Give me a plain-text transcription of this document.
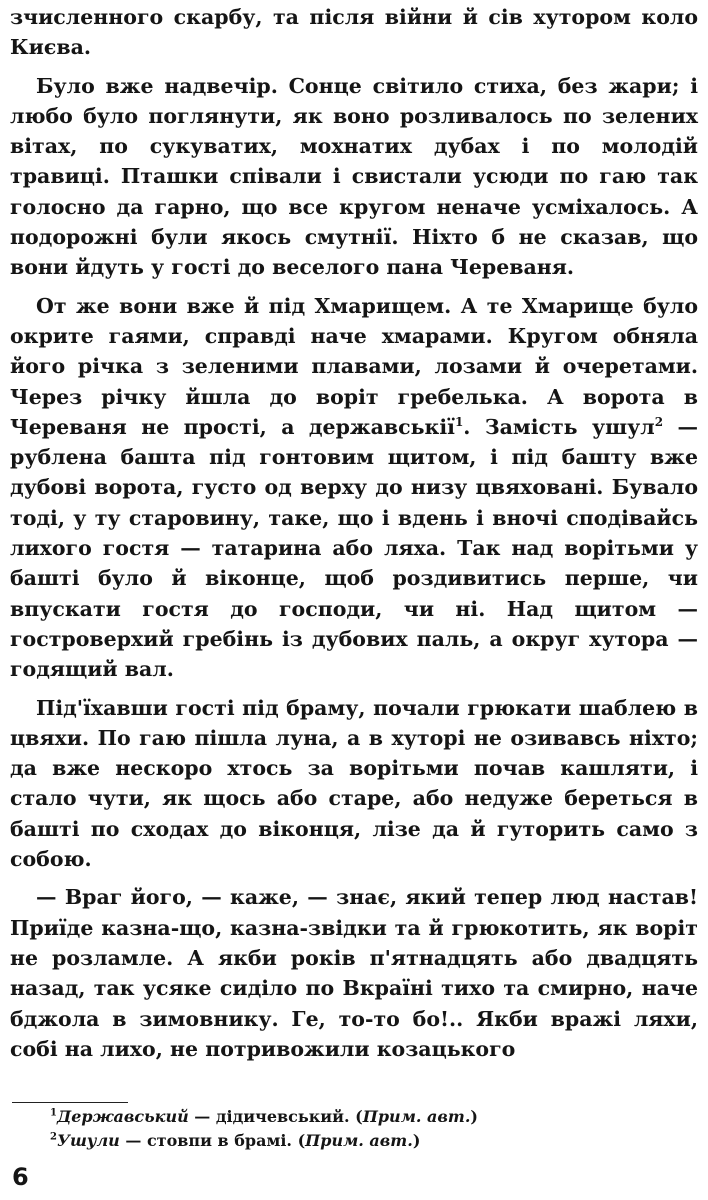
зчисленного скарбу, та після війни й сів хутором коло Києва.

Було вже надвечір. Сонце світило стиха, без жари; і любо було поглянути, як воно розливалось по зелених вітах, по сукуватих, мохнатих дубах і по молодій травиці. Пташки співали і свистали усюди по гаю так голосно да гарно, що все кругом неначе усміхалось. А подорожні були якось смутнії. Ніхто б не сказав, що вони йдуть у гості до веселого пана Череваня.

От же вони вже й під Хмарищем. А те Хмарище було окрите гаями, справді наче хмарами. Кругом обняла його річка з зеленими плавами, лозами й очеретами. Через річку йшла до воріт гребелька. А ворота в Череваня не прості, а державськії$^1$. Замість ушул$^2$ — рублена башта під гонтовим щитом, і під башту вже дубові ворота, густо од верху до низу цвяховані. Бувало тоді, у ту старовину, таке, що і вдень і вночі сподівайсь лихого гостя — татарина або ляха. Так над ворітьми у башті було й віконце, щоб роздивитись перше, чи впускати гостя до господи, чи ні. Над щитом — гостроверхий гребінь із дубових паль, а округ хутора — годящий вал.

Під'їхавши гості під браму, почали грюкати шаблею в цвяхи. По гаю пішла луна, а в хуторі не озивавсь ніхто; да вже нескоро хтось за ворітьми почав кашляти, і стало чути, як щось або старе, або недуже береться в башті по сходах до віконця, лізе да й гуторить само з собою.

— Враг його, — каже, — знає, який тепер люд настав! Приїде казна-що, казна-звідки та й грюкотить, як воріт не розламле. А якби років п'ятнадцять або двадцять назад, так усяке сиділо по Вкраїні тихо та смирно, наче бджола в зимовнику. Ге, то-то бо!.. Якби вражі ляхи, собі на лихо, не потривожили козацького

$^1$Державський — дідичевський. (Прим. авт.)

$^2$Ушули — стовпи в брамі. (Прим. авт.)

6
